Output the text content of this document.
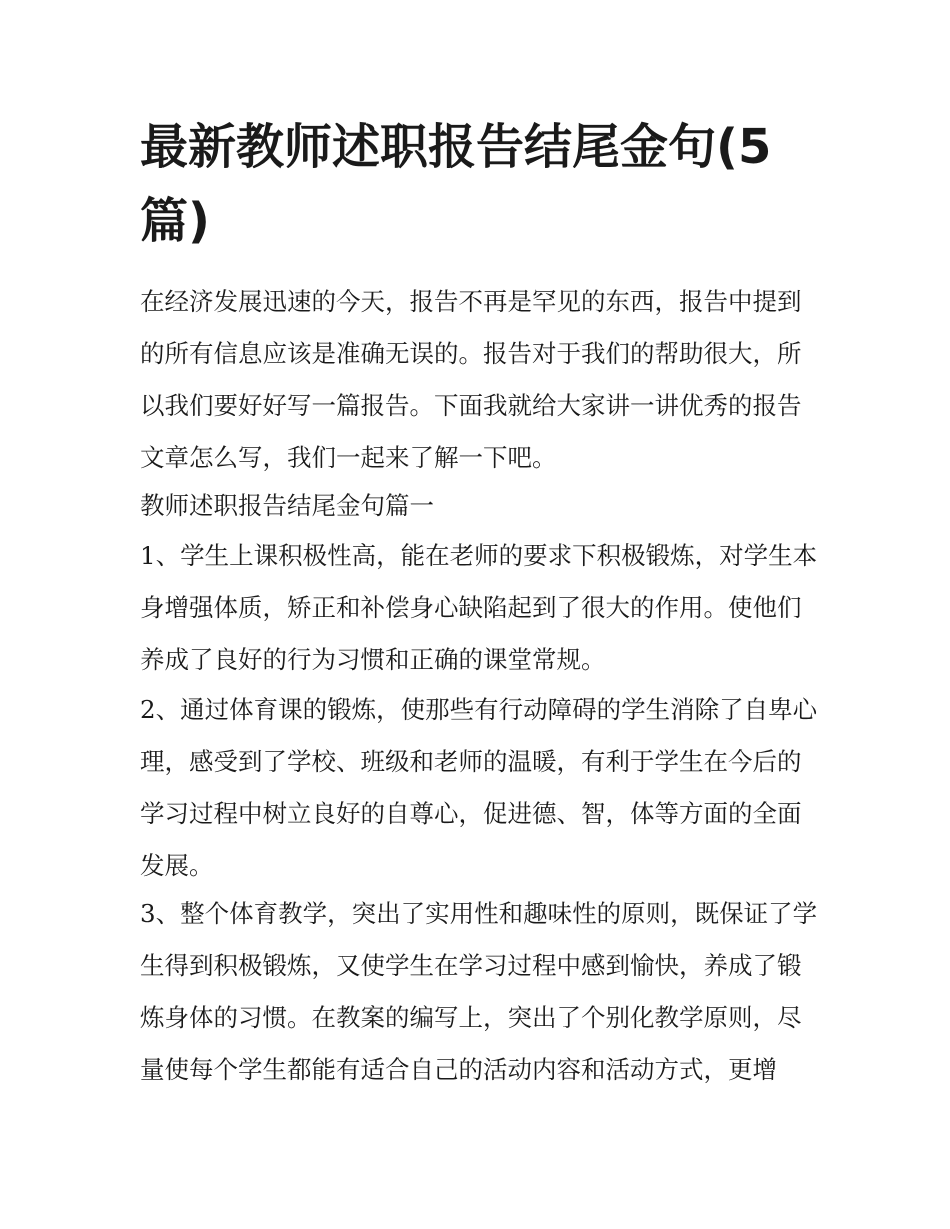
最新教师述职报告结尾金句(5篇)

在经济发展迅速的今天，报告不再是罕见的东西，报告中提到的所有信息应该是准确无误的。报告对于我们的帮助很大，所以我们要好好写一篇报告。下面我就给大家讲一讲优秀的报告文章怎么写，我们一起来了解一下吧。

教师述职报告结尾金句篇一

1、学生上课积极性高，能在老师的要求下积极锻炼，对学生本身增强体质，矫正和补偿身心缺陷起到了很大的作用。使他们养成了良好的行为习惯和正确的课堂常规。

2、通过体育课的锻炼，使那些有行动障碍的学生消除了自卑心理，感受到了学校、班级和老师的温暖，有利于学生在今后的学习过程中树立良好的自尊心，促进德、智，体等方面的全面发展。

3、整个体育教学，突出了实用性和趣味性的原则，既保证了学生得到积极锻炼，又使学生在学习过程中感到愉快，养成了锻炼身体的习惯。在教案的编写上，突出了个别化教学原则，尽量使每个学生都能有适合自己的活动内容和活动方式，更增
